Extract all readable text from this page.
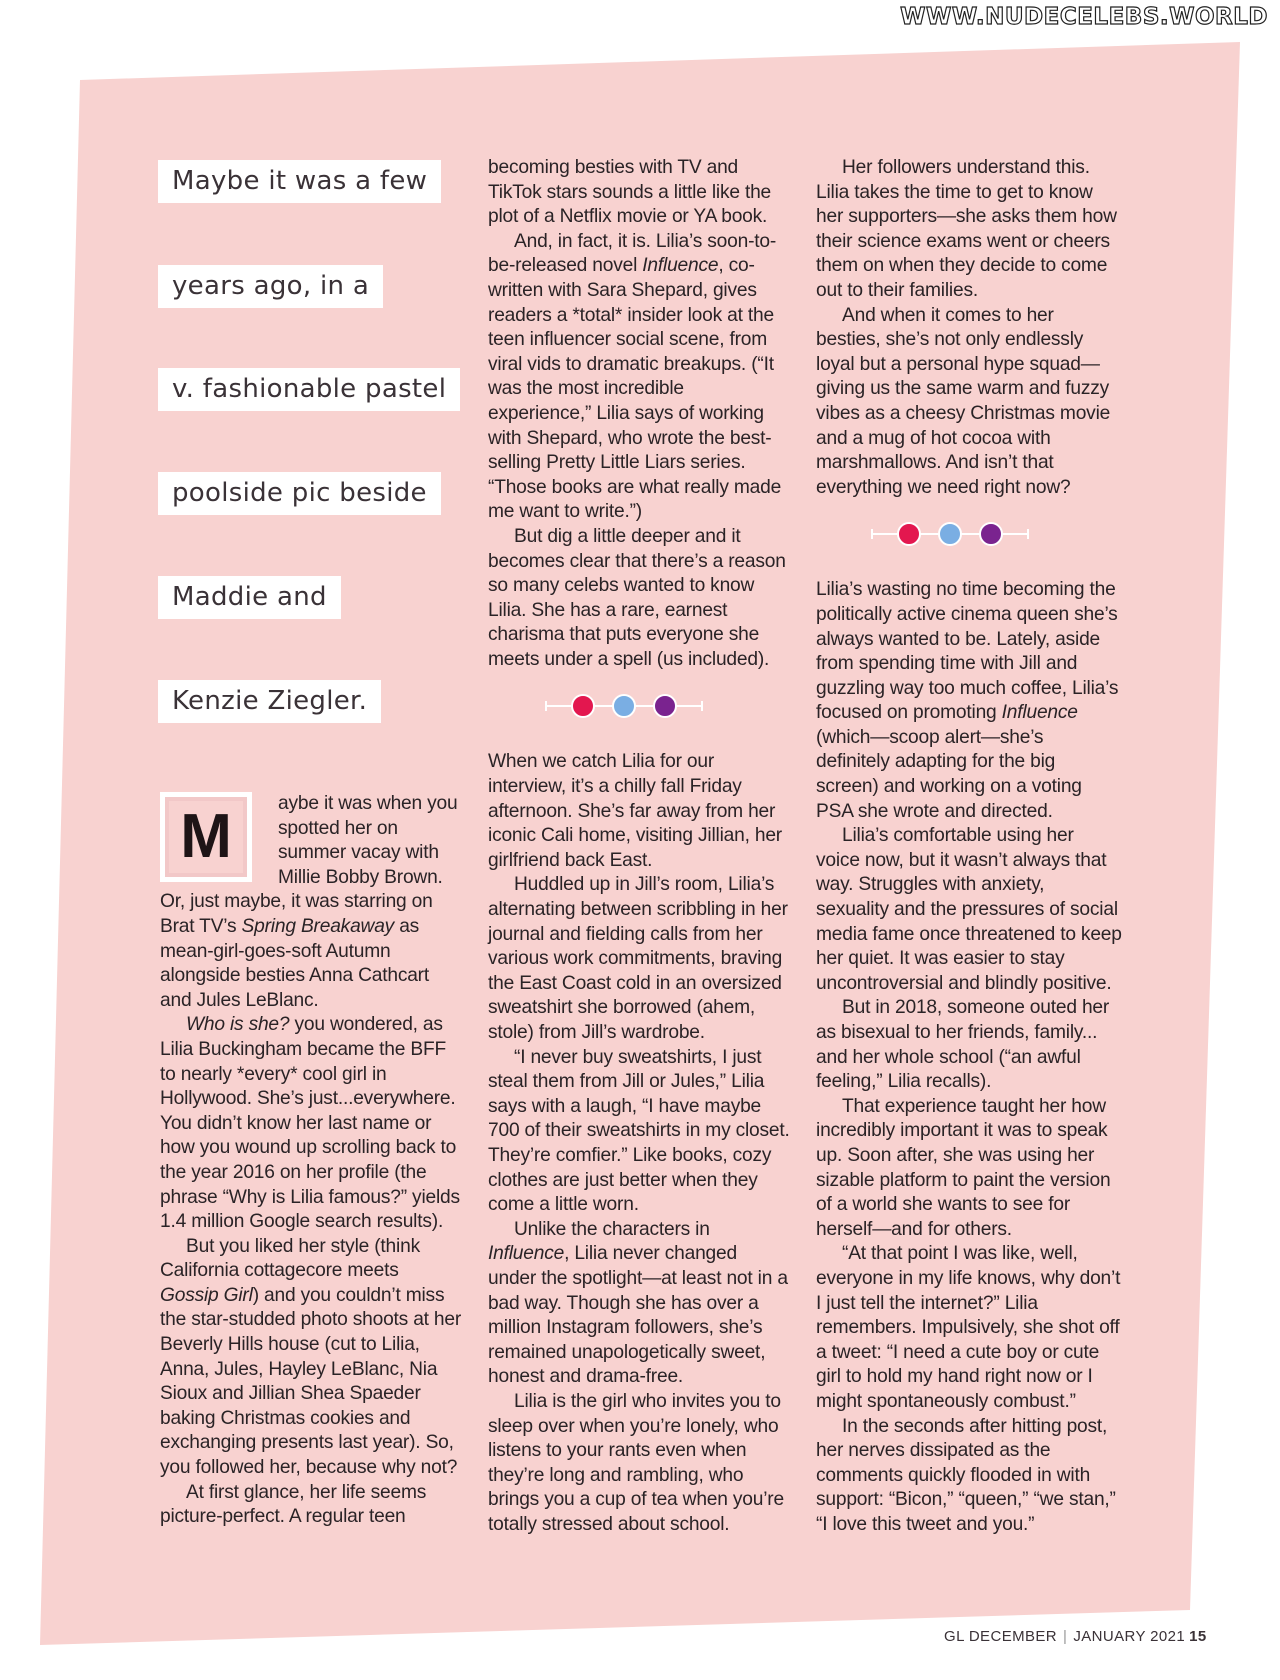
WWW.NUDECELEBS.WORLD
Maybe it was a few
years ago, in a
v. fashionable pastel
poolside pic beside
Maddie and
Kenzie Ziegler.
M	aybe it was when you spotted her on summer vacay with Millie Bobby Brown. Or, just maybe, it was starring on Brat TV’s Spring Breakaway as mean-girl-goes-soft Autumn alongside besties Anna Cathcart and Jules LeBlanc.

Who is she? you wondered, as Lilia Buckingham became the BFF to nearly *every* cool girl in Hollywood. She’s just...everywhere. You didn’t know her last name or how you wound up scrolling back to the year 2016 on her profile (the phrase “Why is Lilia famous?” yields 1.4 million Google search results).

But you liked her style (think California cottagecore meets Gossip Girl) and you couldn’t miss the star-studded photo shoots at her Beverly Hills house (cut to Lilia, Anna, Jules, Hayley LeBlanc, Nia Sioux and Jillian Shea Spaeder baking Christmas cookies and exchanging presents last year). So, you followed her, because why not?

At first glance, her life seems picture-perfect. A regular teen

becoming besties with TV and TikTok stars sounds a little like the plot of a Netflix movie or YA book.

And, in fact, it is. Lilia’s soon-to-be-released novel Influence, co-written with Sara Shepard, gives readers a *total* insider look at the teen influencer social scene, from viral vids to dramatic breakups. (“It was the most incredible experience,” Lilia says of working with Shepard, who wrote the best-selling Pretty Little Liars series. “Those books are what really made me want to write.”)

But dig a little deeper and it becomes clear that there’s a reason so many celebs wanted to know Lilia. She has a rare, earnest charisma that puts everyone she meets under a spell (us included).

When we catch Lilia for our interview, it’s a chilly fall Friday afternoon. She’s far away from her iconic Cali home, visiting Jillian, her girlfriend back East.

Huddled up in Jill’s room, Lilia’s alternating between scribbling in her journal and fielding calls from her various work commitments, braving the East Coast cold in an oversized sweatshirt she borrowed (ahem, stole) from Jill’s wardrobe.

“I never buy sweatshirts, I just steal them from Jill or Jules,” Lilia says with a laugh, “I have maybe 700 of their sweatshirts in my closet. They’re comfier.” Like books, cozy clothes are just better when they come a little worn.

Unlike the characters in Influence, Lilia never changed under the spotlight—at least not in a bad way. Though she has over a million Instagram followers, she’s remained unapologetically sweet, honest and drama-free.

Lilia is the girl who invites you to sleep over when you’re lonely, who listens to your rants even when they’re long and rambling, who brings you a cup of tea when you’re totally stressed about school.

Her followers understand this. Lilia takes the time to get to know her supporters—she asks them how their science exams went or cheers them on when they decide to come out to their families.

And when it comes to her besties, she’s not only endlessly loyal but a personal hype squad—giving us the same warm and fuzzy vibes as a cheesy Christmas movie and a mug of hot cocoa with marshmallows. And isn’t that everything we need right now?

Lilia’s wasting no time becoming the politically active cinema queen she’s always wanted to be. Lately, aside from spending time with Jill and guzzling way too much coffee, Lilia’s focused on promoting Influence (which—scoop alert—she’s definitely adapting for the big screen) and working on a voting PSA she wrote and directed.

Lilia’s comfortable using her voice now, but it wasn’t always that way. Struggles with anxiety, sexuality and the pressures of social media fame once threatened to keep her quiet. It was easier to stay uncontroversial and blindly positive.

But in 2018, someone outed her as bisexual to her friends, family... and her whole school (“an awful feeling,” Lilia recalls).

That experience taught her how incredibly important it was to speak up. Soon after, she was using her sizable platform to paint the version of a world she wants to see for herself—and for others.

“At that point I was like, well, everyone in my life knows, why don’t I just tell the internet?” Lilia remembers. Impulsively, she shot off a tweet: “I need a cute boy or cute girl to hold my hand right now or I might spontaneously combust.”

In the seconds after hitting post, her nerves dissipated as the comments quickly flooded in with support: “Bicon,” “queen,” “we stan,” “I love this tweet and you.”

GL DECEMBER | JANUARY 2021 15
